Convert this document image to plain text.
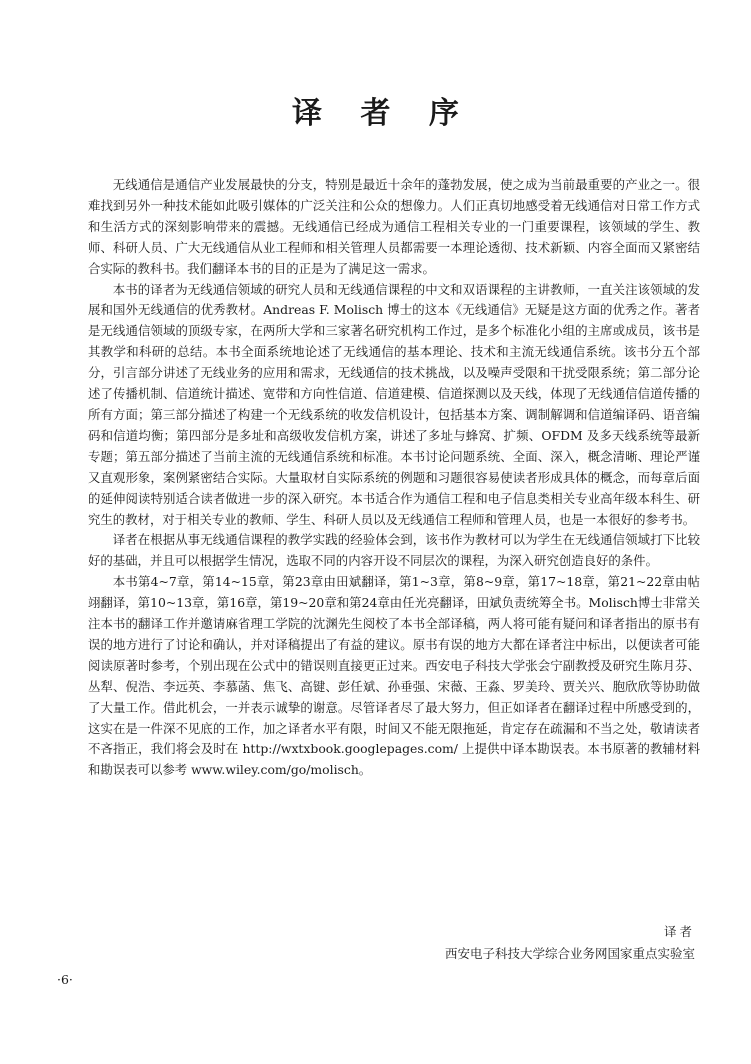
译 者 序

无线通信是通信产业发展最快的分支，特别是最近十余年的蓬勃发展，使之成为当前最重要的产业之一。很难找到另外一种技术能如此吸引媒体的广泛关注和公众的想像力。人们正真切地感受着无线通信对日常工作方式和生活方式的深刻影响带来的震撼。无线通信已经成为通信工程相关专业的一门重要课程，该领域的学生、教师、科研人员、广大无线通信从业工程师和相关管理人员都需要一本理论透彻、技术新颖、内容全面而又紧密结合实际的教科书。我们翻译本书的目的正是为了满足这一需求。

本书的译者为无线通信领域的研究人员和无线通信课程的中文和双语课程的主讲教师，一直关注该领域的发展和国外无线通信的优秀教材。Andreas F. Molisch 博士的这本《无线通信》无疑是这方面的优秀之作。著者是无线通信领域的顶级专家，在两所大学和三家著名研究机构工作过，是多个标准化小组的主席或成员，该书是其教学和科研的总结。本书全面系统地论述了无线通信的基本理论、技术和主流无线通信系统。该书分五个部分，引言部分讲述了无线业务的应用和需求，无线通信的技术挑战，以及噪声受限和干扰受限系统；第二部分论述了传播机制、信道统计描述、宽带和方向性信道、信道建模、信道探测以及天线，体现了无线通信信道传播的所有方面；第三部分描述了构建一个无线系统的收发信机设计，包括基本方案、调制解调和信道编译码、语音编码和信道均衡；第四部分是多址和高级收发信机方案，讲述了多址与蜂窝、扩频、OFDM 及多天线系统等最新专题；第五部分描述了当前主流的无线通信系统和标准。本书讨论问题系统、全面、深入，概念清晰、理论严谨又直观形象，案例紧密结合实际。大量取材自实际系统的例题和习题很容易使读者形成具体的概念，而每章后面的延伸阅读特别适合读者做进一步的深入研究。本书适合作为通信工程和电子信息类相关专业高年级本科生、研究生的教材，对于相关专业的教师、学生、科研人员以及无线通信工程师和管理人员，也是一本很好的参考书。

译者在根据从事无线通信课程的教学实践的经验体会到，该书作为教材可以为学生在无线通信领域打下比较好的基础，并且可以根据学生情况，选取不同的内容开设不同层次的课程，为深入研究创造良好的条件。

本书第4~7章，第14~15章，第23章由田斌翻译，第1~3章，第8~9章，第17~18章，第21~22章由帖翊翻译，第10~13章，第16章，第19~20章和第24章由任光亮翻译，田斌负责统筹全书。Molisch博士非常关注本书的翻译工作并邀请麻省理工学院的沈渊先生阅校了本书全部译稿，两人将可能有疑问和译者指出的原书有误的地方进行了讨论和确认，并对译稿提出了有益的建议。原书有误的地方大都在译者注中标出，以便读者可能阅读原著时参考，个别出现在公式中的错误则直接更正过来。西安电子科技大学张会宁副教授及研究生陈月芬、丛犁、倪浩、李远英、李慕菡、焦飞、高键、彭任斌、孙垂强、宋薇、王淼、罗美玲、贾关兴、胞欣欣等协助做了大量工作。借此机会，一并表示诚挚的谢意。尽管译者尽了最大努力，但正如译者在翻译过程中所感受到的，这实在是一件深不见底的工作，加之译者水平有限，时间又不能无限拖延，肯定存在疏漏和不当之处，敬请读者不吝指正，我们将会及时在 http://wxtxbook.googlepages.com/ 上提供中译本勘误表。本书原著的教辅材料和勘误表可以参考 www.wiley.com/go/molisch。

译者
西安电子科技大学综合业务网国家重点实验室
·6·
